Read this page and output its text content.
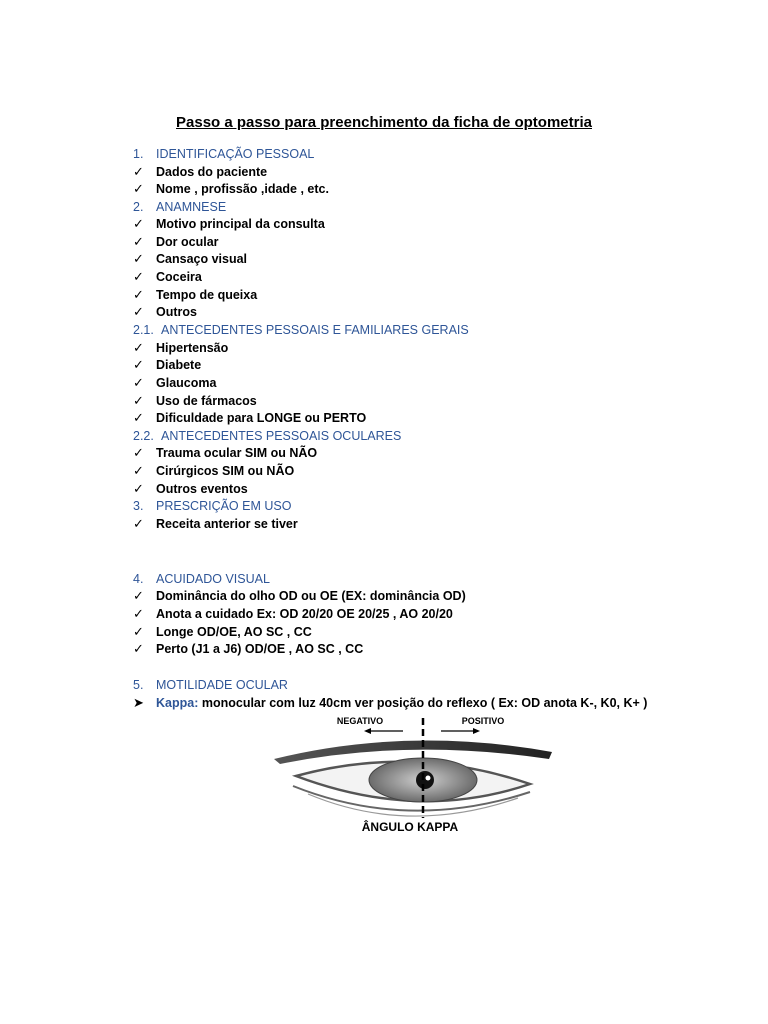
Passo a passo para preenchimento da ficha de optometria
1. IDENTIFICAÇÃO PESSOAL
✓ Dados do paciente
✓ Nome , profissão ,idade , etc.
2. ANAMNESE
✓ Motivo principal da consulta
✓ Dor ocular
✓ Cansaço visual
✓ Coceira
✓ Tempo de queixa
✓ Outros
2.1. ANTECEDENTES PESSOAIS E FAMILIARES GERAIS
✓ Hipertensão
✓ Diabete
✓ Glaucoma
✓ Uso de fármacos
✓ Dificuldade para LONGE ou PERTO
2.2. ANTECEDENTES PESSOAIS OCULARES
✓ Trauma ocular SIM ou NÃO
✓ Cirúrgicos SIM ou NÃO
✓ Outros eventos
3. PRESCRIÇÃO EM USO
✓ Receita anterior se tiver
4. ACUIDADO VISUAL
✓ Dominância do olho OD ou OE (EX: dominância OD)
✓ Anota a cuidado Ex: OD 20/20 OE 20/25 , AO 20/20
✓ Longe OD/OE, AO SC , CC
✓ Perto (J1 a J6) OD/OE , AO SC , CC
5. MOTILIDADE OCULAR
➤ Kappa: monocular com luz 40cm ver posição do reflexo ( Ex: OD anota K-, K0, K+ )
NEGATIVO	POSITIVO
ÂNGULO KAPPA
